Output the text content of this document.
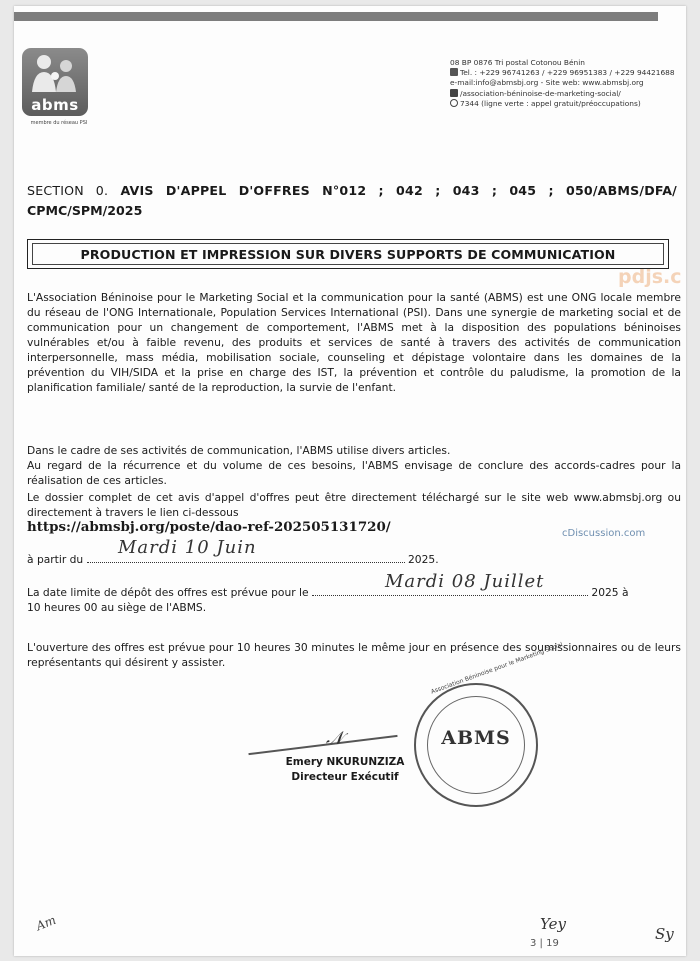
abms
membre du réseau PSI
08 BP 0876 Tri postal Cotonou Bénin
Tel. : +229 96741263 / +229 96951383 / +229 94421688
e-mail:info@abmsbj.org - Site web: www.abmsbj.org
/association-béninoise-de-marketing-social/
7344 (ligne verte : appel gratuit/préoccupations)
SECTION 0. AVIS D'APPEL D'OFFRES N°012 ; 042 ; 043 ; 045 ; 050/ABMS/DFA/
CPMC/SPM/2025
PRODUCTION ET IMPRESSION SUR DIVERS SUPPORTS DE COMMUNICATION
pdjs.c
L'Association Béninoise pour le Marketing Social et la communication pour la santé (ABMS) est une ONG locale membre du réseau de l'ONG Internationale, Population Services International (PSI). Dans une synergie de marketing social et de communication pour un changement de comportement, l'ABMS met à la disposition des populations béninoises vulnérables et/ou à faible revenu, des produits et services de santé à travers des activités de communication interpersonnelle, mass média, mobilisation sociale, counseling et dépistage volontaire dans les domaines de la prévention du VIH/SIDA et la prise en charge des IST, la prévention et contrôle du paludisme, la promotion de la planification familiale/ santé de la reproduction, la survie de l'enfant.
Dans le cadre de ses activités de communication, l'ABMS utilise divers articles.
Au regard de la récurrence et du volume de ces besoins, l'ABMS envisage de conclure des accords-cadres pour la réalisation de ces articles.
Le dossier complet de cet avis d'appel d'offres peut être directement téléchargé sur le site web www.abmsbj.org ou directement à travers le lien ci-dessous
https://abmsbj.org/poste/dao-ref-202505131720/	cDiscussion.com
à partir du	2025.
Mardi 10 Juin
La date limite de dépôt des offres est prévue pour le	2025 à
Mardi 08 Juillet
10 heures 00 au siège de l'ABMS.
L'ouverture des offres est prévue pour 10 heures 30 minutes le même jour en présence des soumissionnaires ou de leurs représentants qui désirent y assister.
𝒩
Association Béninoise pour le Marketing Social
ABMS
Emery NKURUNZIZA
Directeur Exécutif
Am	Yey
Sy
3 | 19
